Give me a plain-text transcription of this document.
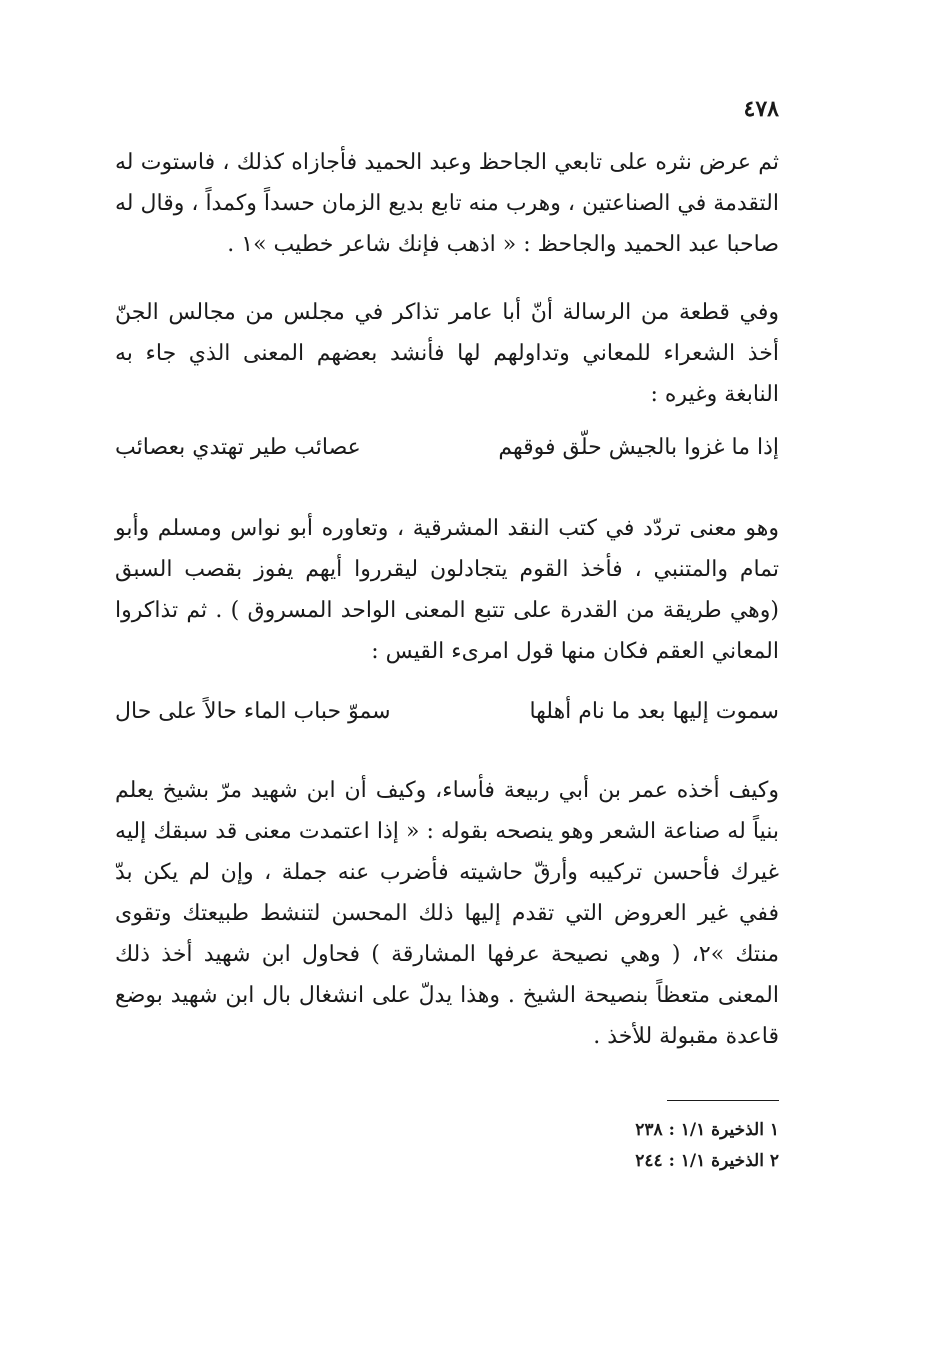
٤٧٨

ثم عرض نثره على تابعي الجاحظ وعبد الحميد فأجازاه كذلك ، فاستوت له التقدمة في الصناعتين ، وهرب منه تابع بديع الزمان حسداً وكمداً ، وقال له صاحبا عبد الحميد والجاحظ : « اذهب فإنك شاعر خطيب »١ .

وفي قطعة من الرسالة أنّ أبا عامر تذاكر في مجلس من مجالس الجنّ أخذ الشعراء للمعاني وتداولهم لها فأنشد بعضهم المعنى الذي جاء به النابغة وغيره :

إذا ما غزوا بالجيش حلّق فوقهم
عصائب طير تهتدي بعصائب

وهو معنى تردّد في كتب النقد المشرقية ، وتعاوره أبو نواس ومسلم وأبو تمام والمتنبي ، فأخذ القوم يتجادلون ليقرروا أيهم يفوز بقصب السبق (وهي طريقة من القدرة على تتبع المعنى الواحد المسروق ) . ثم تذاكروا المعاني العقم فكان منها قول امرىء القيس :

سموت إليها بعد ما نام أهلها
سموّ حباب الماء حالاً على حال

وكيف أخذه عمر بن أبي ربيعة فأساء، وكيف أن ابن شهيد مرّ بشيخ يعلم بنياً له صناعة الشعر وهو ينصحه بقوله : « إذا اعتمدت معنى قد سبقك إليه غيرك فأحسن تركيبه وأرقّ حاشيته فأضرب عنه جملة ، وإن لم يكن بدّ ففي غير العروض التي تقدم إليها ذلك المحسن لتنشط طبيعتك وتقوى منتك »٢، ( وهي نصيحة عرفها المشارقة ) فحاول ابن شهيد أخذ ذلك المعنى متعظاً بنصيحة الشيخ . وهذا يدلّ على انشغال بال ابن شهيد بوضع قاعدة مقبولة للأخذ .

١ الذخيرة ١/١ : ٢٣٨
٢ الذخيرة ١/١ : ٢٤٤
